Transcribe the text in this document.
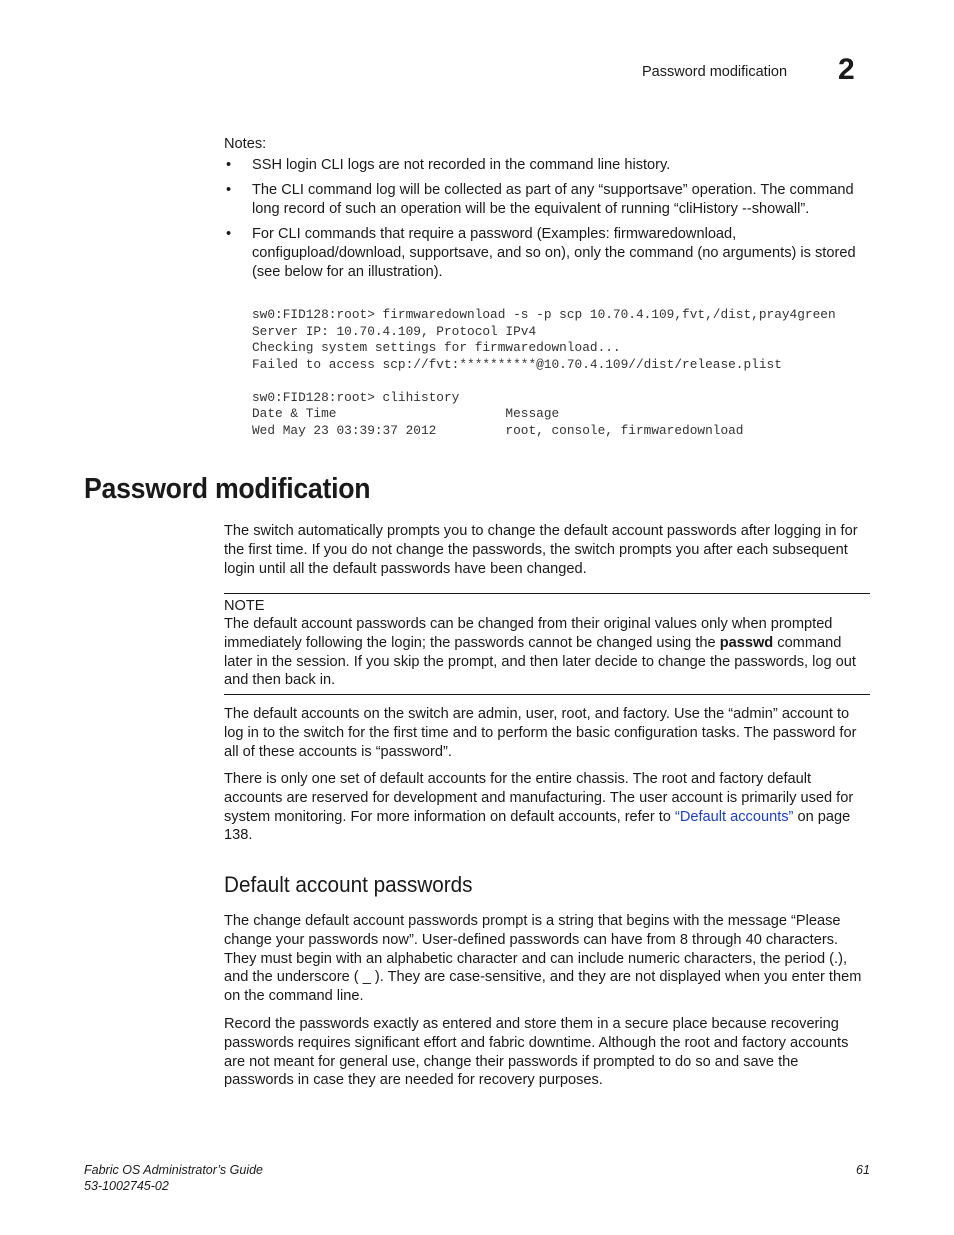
Password modification 2
Notes:
• SSH login CLI logs are not recorded in the command line history.
• The CLI command log will be collected as part of any “supportsave” operation. The command long record of such an operation will be the equivalent of running “cliHistory --showall”.
• For CLI commands that require a password (Examples: firmwaredownload, configupload/download, supportsave, and so on), only the command (no arguments) is stored (see below for an illustration).
sw0:FID128:root> firmwaredownload -s -p scp 10.70.4.109,fvt,/dist,pray4green
Server IP: 10.70.4.109, Protocol IPv4
Checking system settings for firmwaredownload...
Failed to access scp://fvt:**********@10.70.4.109//dist/release.plist

sw0:FID128:root> clihistory
Date & Time                      Message
Wed May 23 03:39:37 2012         root, console, firmwaredownload
Password modification

The switch automatically prompts you to change the default account passwords after logging in for the first time. If you do not change the passwords, the switch prompts you after each subsequent login until all the default passwords have been changed.

NOTE

The default account passwords can be changed from their original values only when prompted immediately following the login; the passwords cannot be changed using the passwd command later in the session. If you skip the prompt, and then later decide to change the passwords, log out and then back in.

The default accounts on the switch are admin, user, root, and factory. Use the “admin” account to log in to the switch for the first time and to perform the basic configuration tasks. The password for all of these accounts is “password”.

There is only one set of default accounts for the entire chassis. The root and factory default accounts are reserved for development and manufacturing. The user account is primarily used for system monitoring. For more information on default accounts, refer to “Default accounts” on page 138.

Default account passwords

The change default account passwords prompt is a string that begins with the message “Please change your passwords now”. User-defined passwords can have from 8 through 40 characters. They must begin with an alphabetic character and can include numeric characters, the period (.), and the underscore ( _ ). They are case-sensitive, and they are not displayed when you enter them on the command line.

Record the passwords exactly as entered and store them in a secure place because recovering passwords requires significant effort and fabric downtime. Although the root and factory accounts are not meant for general use, change their passwords if prompted to do so and save the passwords in case they are needed for recovery purposes.

Fabric OS Administrator’s Guide
53-1002745-02
61
